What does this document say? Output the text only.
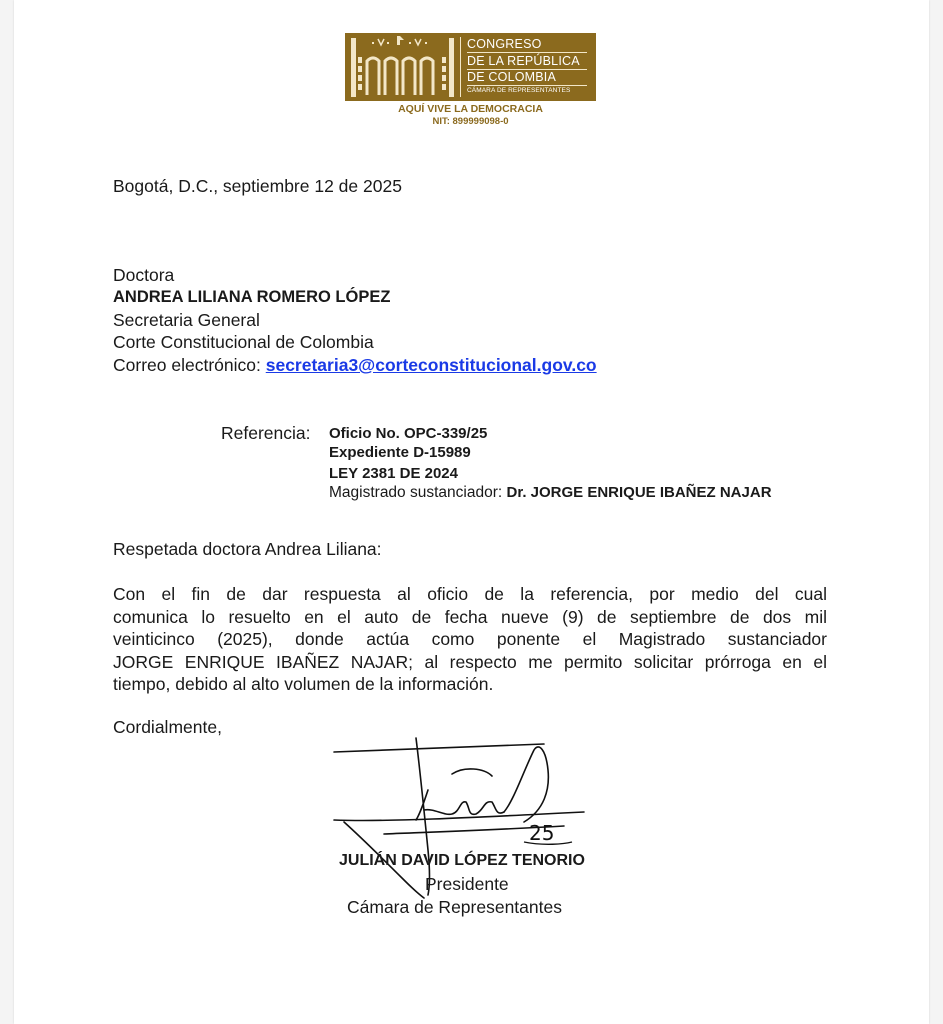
CONGRESO
DE LA REPÚBLICA
DE COLOMBIA
CÁMARA DE REPRESENTANTES
AQUÍ VIVE LA DEMOCRACIA
NIT: 899999098-0
Bogotá, D.C., septiembre 12 de 2025
Doctora
ANDREA LILIANA ROMERO LÓPEZ
Secretaria General
Corte Constitucional de Colombia
Correo electrónico: secretaria3@corteconstitucional.gov.co
Referencia: Oficio No. OPC-339/25
Expediente D-15989
LEY 2381 DE 2024
Magistrado sustanciador: Dr. JORGE ENRIQUE IBAÑEZ NAJAR
Respetada doctora Andrea Liliana:
Con el fin de dar respuesta al oficio de la referencia, por medio del cual
comunica lo resuelto en el auto de fecha nueve (9) de septiembre de dos mil
veinticinco (2025), donde actúa como ponente el Magistrado sustanciador
JORGE ENRIQUE IBAÑEZ NAJAR; al respecto me permito solicitar prórroga en el
tiempo, debido al alto volumen de la información.
Cordialmente,
25
JULIÁN DAVID LÓPEZ TENORIO
Presidente
Cámara de Representantes
